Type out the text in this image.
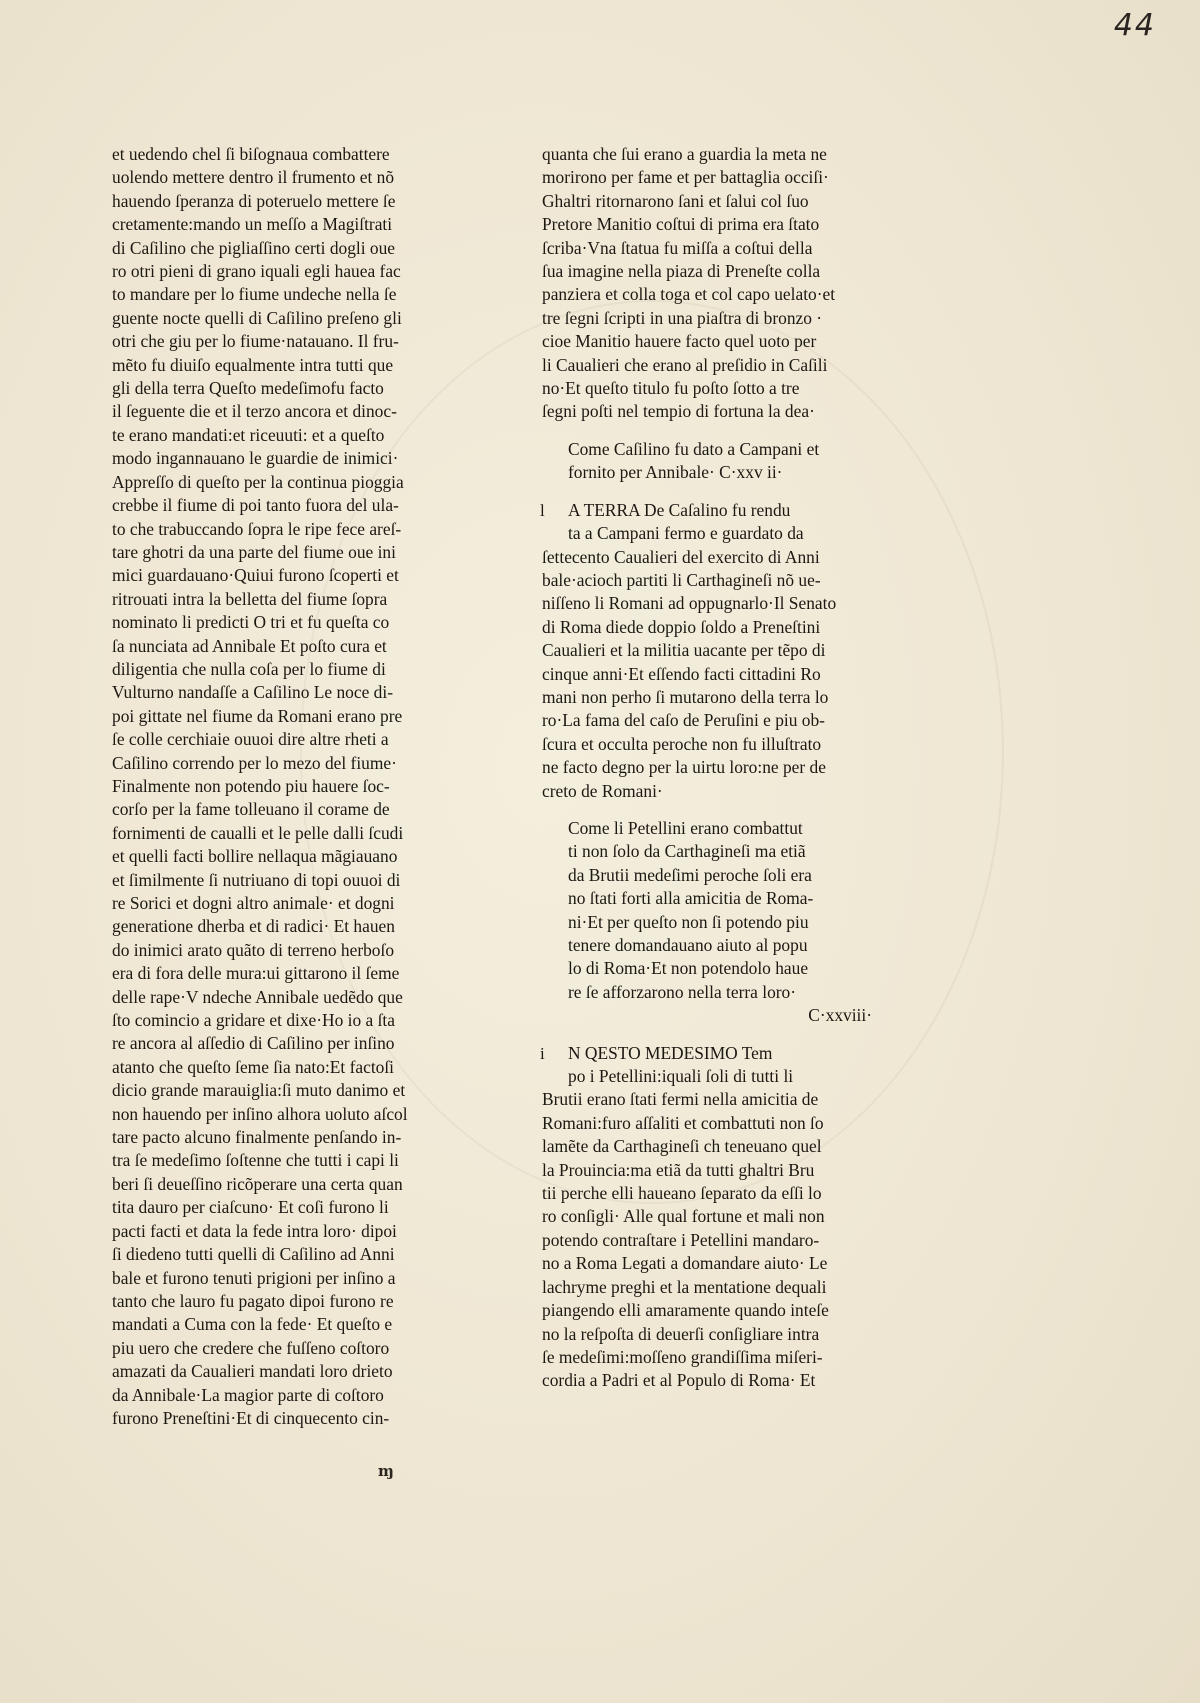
44
et uedendo chel ſi biſognaua combattere
uolendo mettere dentro il frumento et nõ
hauendo ſperanza di poteruelo mettere ſe
cretamente:mando un meſſo a Magiſtrati
di Caſilino che pigliaſſino certi dogli oue
ro otri pieni di grano iquali egli hauea fac
to mandare per lo fiume undeche nella ſe
guente nocte quelli di Caſilino preſeno gli
otri che giu per lo fiume·natauano. Il fru-
mẽto fu diuiſo equalmente intra tutti que
gli della terra Queſto medeſimofu facto
il ſeguente die et il terzo ancora et dinoc-
te erano mandati:et riceuuti: et a queſto
modo ingannauano le guardie de inimici·
Appreſſo di queſto per la continua pioggia
crebbe il fiume di poi tanto fuora del ula-
to che trabuccando ſopra le ripe fece areſ-
tare ghotri da una parte del fiume oue ini
mici guardauano·Quiui furono ſcoperti et
ritrouati intra la belletta del fiume ſopra
nominato li predicti O tri et fu queſta co
ſa nunciata ad Annibale Et poſto cura et
diligentia che nulla coſa per lo fiume di
Vulturno nandaſſe a Caſilino Le noce di-
poi gittate nel fiume da Romani erano pre
ſe colle cerchiaie ouuoi dire altre rheti a
Caſilino correndo per lo mezo del fiume·
Finalmente non potendo piu hauere ſoc-
corſo per la fame tolleuano il corame de
fornimenti de caualli et le pelle dalli ſcudi
et quelli facti bollire nellaqua mãgiauano
et ſimilmente ſi nutriuano di topi ouuoi di
re Sorici et dogni altro animale· et dogni
generatione dherba et di radici· Et hauen
do inimici arato quãto di terreno herboſo
era di fora delle mura:ui gittarono il ſeme
delle rape·V ndeche Annibale uedẽdo que
ſto comincio a gridare et dixe·Ho io a ſta
re ancora al aſſedio di Caſilino per inſino
atanto che queſto ſeme ſia nato:Et factoſi
dicio grande marauiglia:ſi muto danimo et
non hauendo per inſino alhora uoluto aſcol
tare pacto alcuno finalmente penſando in-
tra ſe medeſimo ſoſtenne che tutti i capi li
beri ſi deueſſino ricõperare una certa quan
tita dauro per ciaſcuno· Et coſi furono li
pacti facti et data la fede intra loro· dipoi
ſi diedeno tutti quelli di Caſilino ad Anni
bale et furono tenuti prigioni per inſino a
tanto che lauro fu pagato dipoi furono re
mandati a Cuma con la fede· Et queſto e
piu uero che credere che fuſſeno coſtoro
amazati da Caualieri mandati loro drieto
da Annibale·La magior parte di coſtoro
furono Preneſtini·Et di cinquecento cin-
quanta che ſui erano a guardia la meta ne
morirono per fame et per battaglia occiſi·
Ghaltri ritornarono ſani et ſalui col ſuo
Pretore Manitio coſtui di prima era ſtato
ſcriba·Vna ſtatua fu miſſa a coſtui della
ſua imagine nella piaza di Preneſte colla
panziera et colla toga et col capo uelato·et
tre ſegni ſcripti in una piaſtra di bronzo ·
cioe Manitio hauere facto quel uoto per
li Caualieri che erano al preſidio in Caſili
no·Et queſto titulo fu poſto ſotto a tre
ſegni poſti nel tempio di fortuna la dea·
Come Caſilino fu dato a Campani et
fornito per Annibale· C·xxv ii·
l	A TERRA De Caſalino fu rendu
ta a Campani fermo e guardato da
ſettecento Caualieri del exercito di Anni
bale·acioch partiti li Carthagineſi nõ ue-
niſſeno li Romani ad oppugnarlo·Il Senato
di Roma diede doppio ſoldo a Preneſtini
Caualieri et la militia uacante per tẽpo di
cinque anni·Et eſſendo facti cittadini Ro
mani non perho ſi mutarono della terra lo
ro·La fama del caſo de Peruſini e piu ob-
ſcura et occulta peroche non fu illuſtrato
ne facto degno per la uirtu loro:ne per de
creto de Romani·
Come li Petellini erano combattut
ti non ſolo da Carthagineſi ma etiã
da Brutii medeſimi peroche ſoli era
no ſtati forti alla amicitia de Roma-
ni·Et per queſto non ſi potendo piu
tenere domandauano aiuto al popu
lo di Roma·Et non potendolo haue
re ſe afforzarono nella terra loro·
C·xxviii·
i	N QESTO MEDESIMO Tem
po i Petellini:iquali ſoli di tutti li
Brutii erano ſtati fermi nella amicitia de
Romani:furo aſſaliti et combattuti non ſo
lamẽte da Carthagineſi ch teneuano quel
la Prouincia:ma etiã da tutti ghaltri Bru
tii perche elli haueano ſeparato da eſſi lo
ro conſigli· Alle qual fortune et mali non
potendo contraſtare i Petellini mandaro-
no a Roma Legati a domandare aiuto· Le
lachryme preghi et la mentatione dequali
piangendo elli amaramente quando inteſe
no la reſpoſta di deuerſi conſigliare intra
ſe medeſimi:moſſeno grandiſſima miſeri-
cordia a Padri et al Populo di Roma· Et
ɱ
